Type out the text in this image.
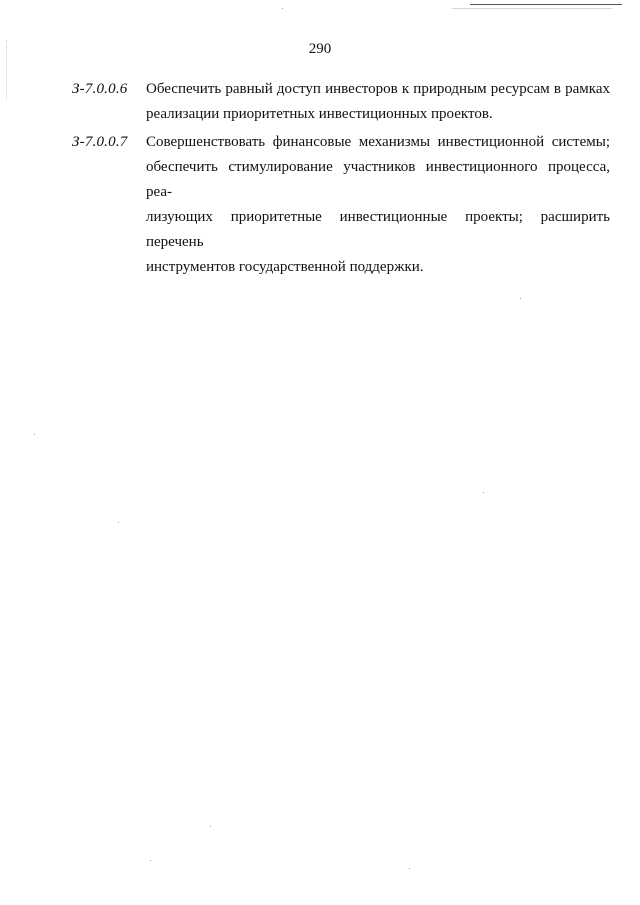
290
З-7.0.0.6	Обеспечить равный доступ инвесторов к природным ресурсам в рамках
реализации приоритетных инвестиционных проектов.
З-7.0.0.7	Совершенствовать финансовые механизмы инвестиционной системы;
обеспечить стимулирование участников инвестиционного процесса, реа-
лизующих приоритетные инвестиционные проекты; расширить перечень
инструментов государственной поддержки.
